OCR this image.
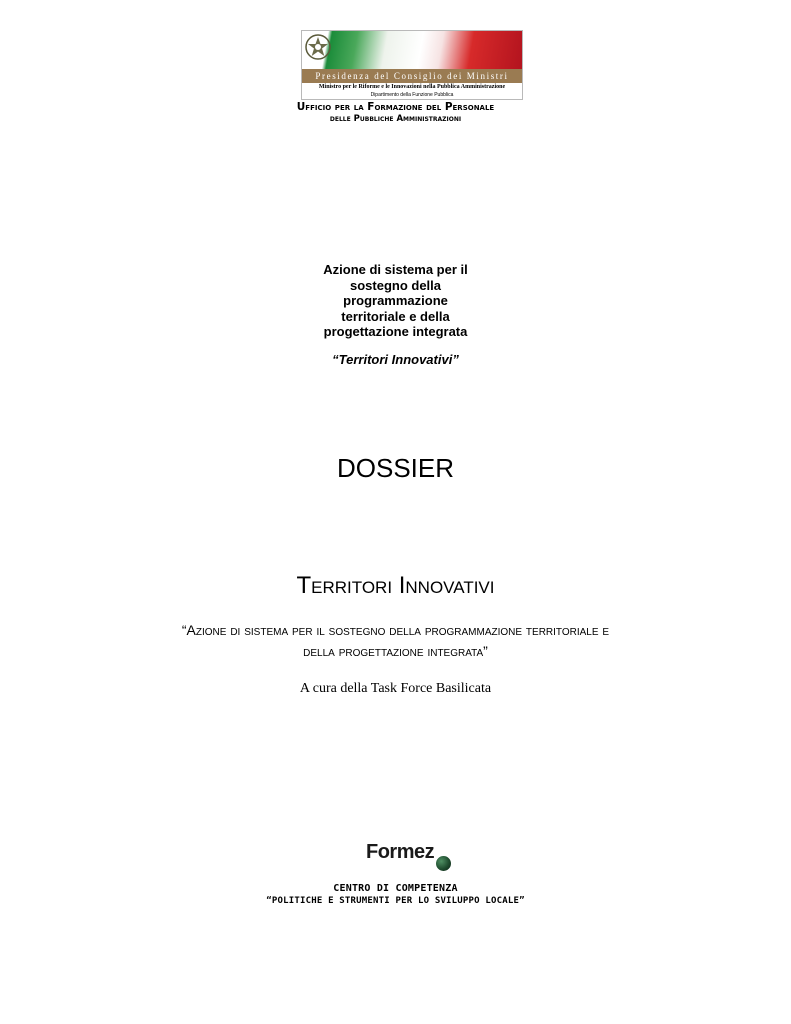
Presidenza del Consiglio dei Ministri
Ministro per le Riforme e le Innovazioni nella Pubblica Amministrazione
Dipartimento della Funzione Pubblica
Ufficio per la Formazione del Personale
delle Pubbliche Amministrazioni
Azione di sistema per il
sostegno della
programmazione
territoriale e della
progettazione integrata
“Territori Innovativi”
DOSSIER
Territori Innovativi
“Azione di sistema per il sostegno della programmazione territoriale e
della progettazione integrata”
A cura della Task Force Basilicata
Formez
CENTRO DI COMPETENZA
“POLITICHE E STRUMENTI PER LO SVILUPPO LOCALE”
